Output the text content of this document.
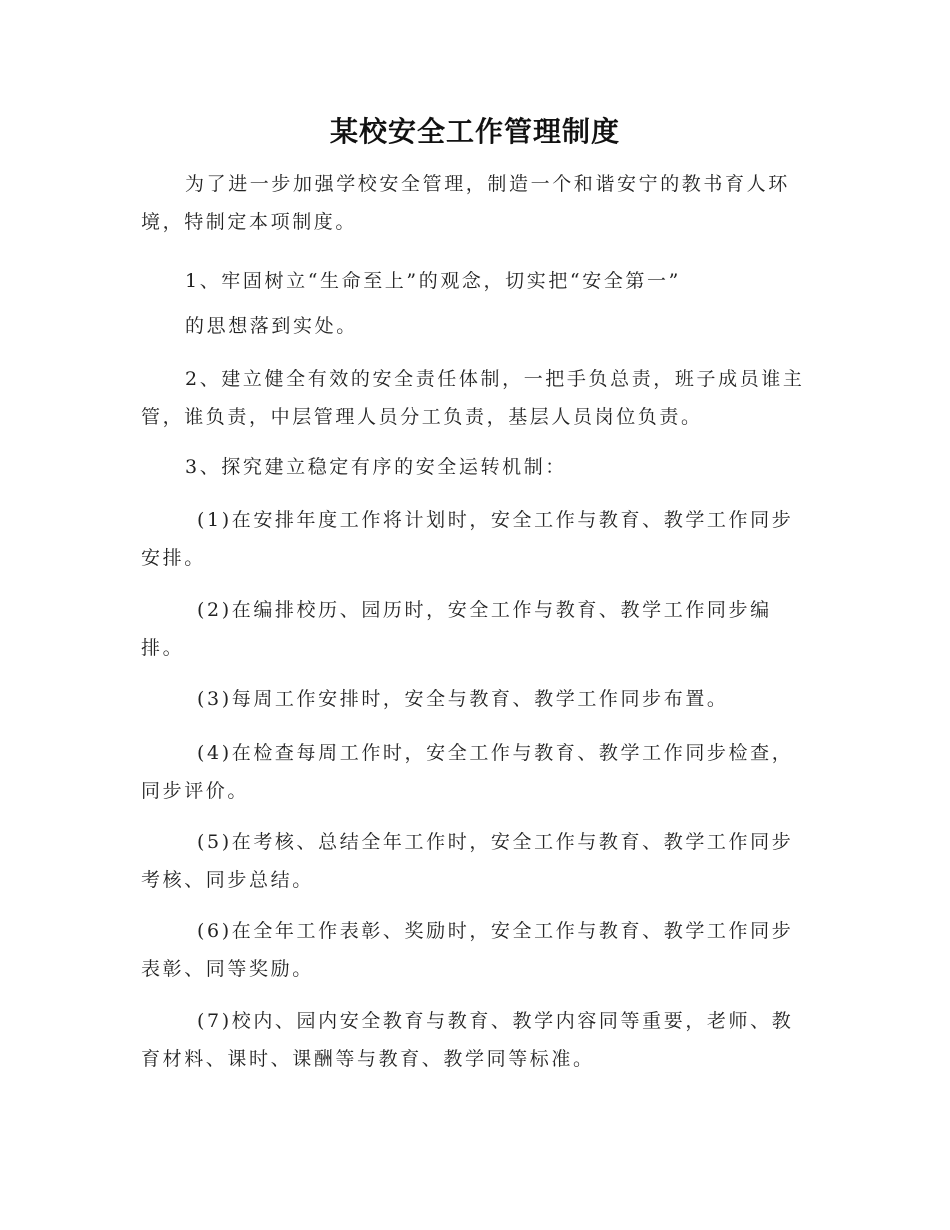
某校安全工作管理制度
为了进一步加强学校安全管理，制造一个和谐安宁的教书育人环
境，特制定本项制度。
1、牢固树立“生命至上”的观念，切实把“安全第一”
的思想落到实处。
2、建立健全有效的安全责任体制，一把手负总责，班子成员谁主
管，谁负责，中层管理人员分工负责，基层人员岗位负责。
3、探究建立稳定有序的安全运转机制：
(1)在安排年度工作将计划时，安全工作与教育、教学工作同步
安排。
(2)在编排校历、园历时，安全工作与教育、教学工作同步编
排。
(3)每周工作安排时，安全与教育、教学工作同步布置。
(4)在检查每周工作时，安全工作与教育、教学工作同步检查，
同步评价。
(5)在考核、总结全年工作时，安全工作与教育、教学工作同步
考核、同步总结。
(6)在全年工作表彰、奖励时，安全工作与教育、教学工作同步
表彰、同等奖励。
(7)校内、园内安全教育与教育、教学内容同等重要，老师、教
育材料、课时、课酬等与教育、教学同等标准。
